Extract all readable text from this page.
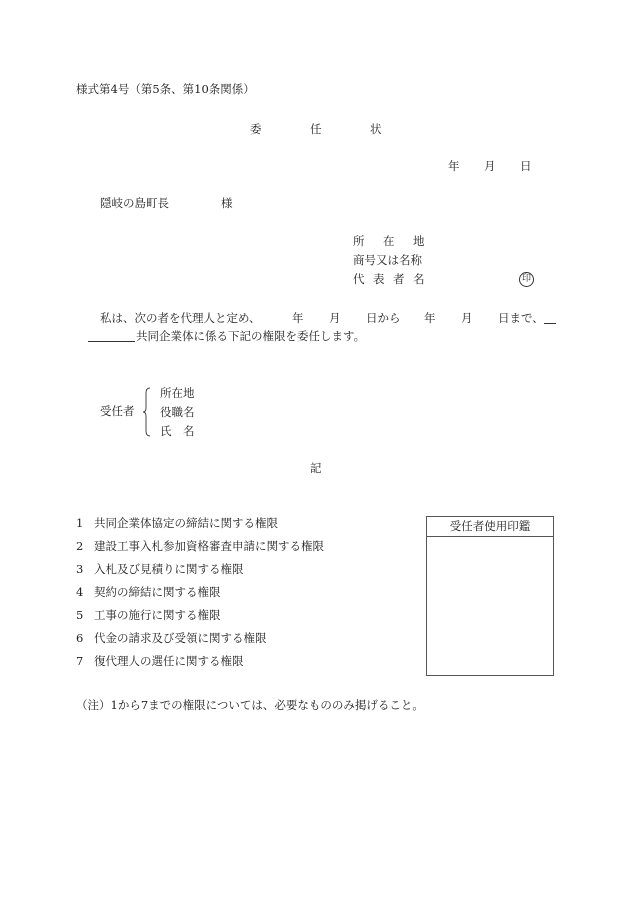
様式第4号（第5条、第10条関係）
委	任	状
年 月 日
隠岐の島町長	様
所 在 地
商号又は名称
代 表 者 名	印
私は、次の者を代理人と定め、	年 月 日から 年 月 日まで、
共同企業体に係る下記の権限を委任します。
受任者
所在地
役職名
氏　名
記
1 共同企業体協定の締結に関する権限
2 建設工事入札参加資格審査申請に関する権限
3 入札及び見積りに関する権限
4 契約の締結に関する権限
5 工事の施行に関する権限
6 代金の請求及び受領に関する権限
7 復代理人の選任に関する権限
受任者使用印鑑
（注）1から7までの権限については、必要なもののみ掲げること。
